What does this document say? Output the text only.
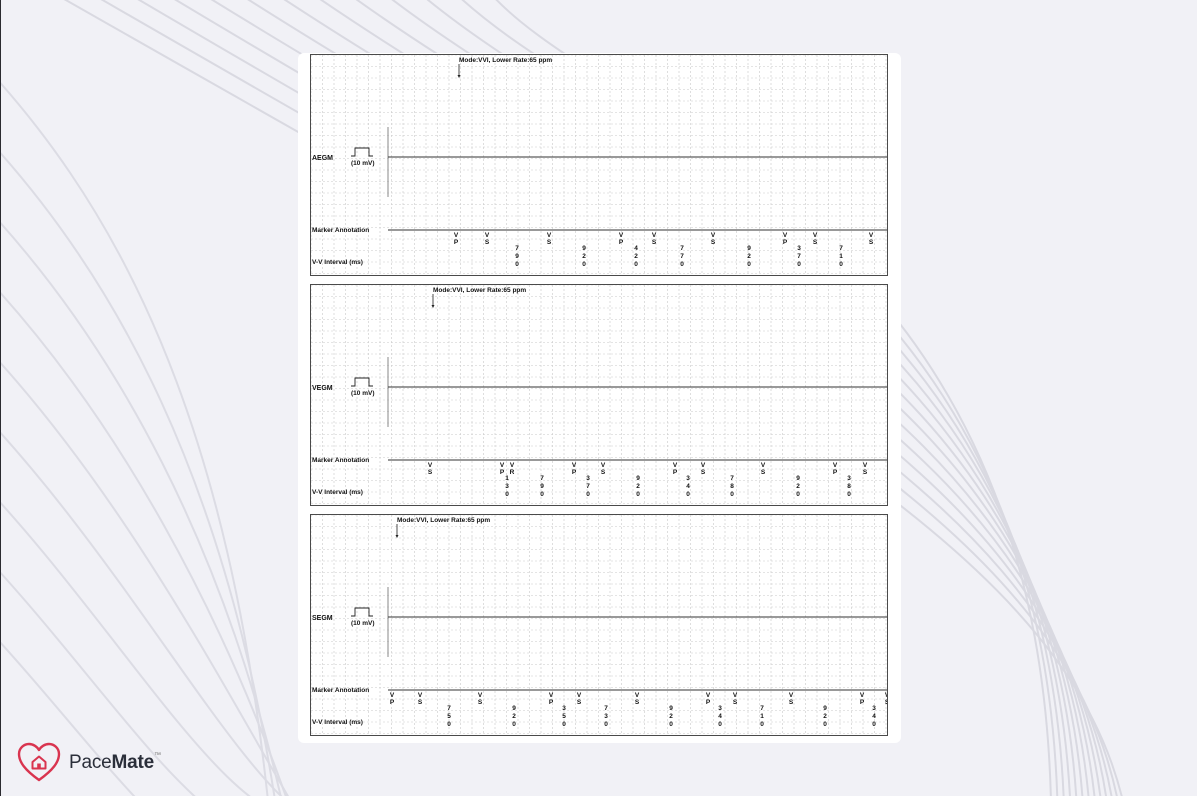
AEGM
(10 mV)
Mode:VVI, Lower Rate:65 ppm
Marker Annotation
V-V Interval (ms)
V
P
V
S
V
S
V
P
V
S
V
S
V
P
V
S
V
S
7
9
0
9
2
0
4
2
0
7
7
0
9
2
0
3
7
0
7
1
0
VEGM
(10 mV)
Mode:VVI, Lower Rate:65 ppm
Marker Annotation
V-V Interval (ms)
V
S
V
P
V
R
V
P
V
S
V
P
V
S
V
S
V
P
V
S
1
3
0
7
9
0
3
7
0
9
2
0
3
4
0
7
8
0
9
2
0
3
8
0
SEGM
(10 mV)
Mode:VVI, Lower Rate:65 ppm
Marker Annotation
V-V Interval (ms)
V
P
V
S
V
S
V
P
V
S
V
S
V
P
V
S
V
S
V
P
V
S
7
5
0
9
2
0
3
5
0
7
3
0
9
2
0
3
4
0
7
1
0
9
2
0
3
4
0
PaceMate™
